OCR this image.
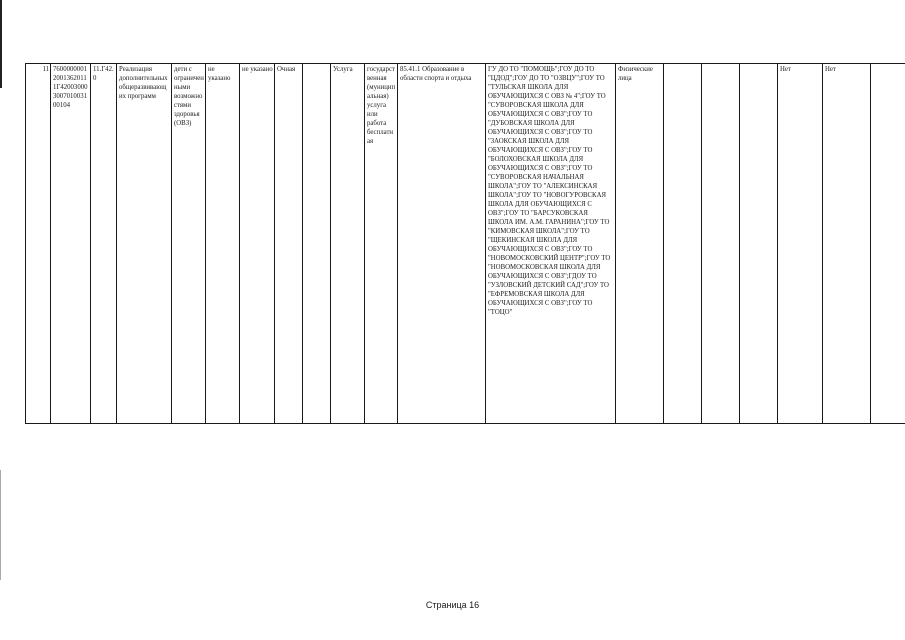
11	760000000120013620111Г42003000300701003100104	11.Г42.0	Реализация дополнительных общеразвивающих программ	дети с ограниченными возможностями здоровья (ОВЗ)	не указано	не указано	Очная		Услуга	государственная (муниципальная) услуга или работа бесплатная	85.41.1 Образование в области спорта и отдыха	ГУ ДО ТО "ПОМОЩЬ";ГОУ ДО ТО "ЦДОД";ГОУ ДО ТО "ОЗВЦУ";ГОУ ТО "ТУЛЬСКАЯ ШКОЛА ДЛЯ ОБУЧАЮЩИХСЯ С ОВЗ № 4";ГОУ ТО "СУВОРОВСКАЯ ШКОЛА ДЛЯ ОБУЧАЮЩИХСЯ С ОВЗ";ГОУ ТО "ДУБОВСКАЯ ШКОЛА ДЛЯ ОБУЧАЮЩИХСЯ С ОВЗ";ГОУ ТО "ЗАОКСКАЯ ШКОЛА ДЛЯ ОБУЧАЮЩИХСЯ С ОВЗ";ГОУ ТО "БОЛОХОВСКАЯ ШКОЛА ДЛЯ ОБУЧАЮЩИХСЯ С ОВЗ";ГОУ ТО "СУВОРОВСКАЯ НАЧАЛЬНАЯ ШКОЛА";ГОУ ТО "АЛЕКСИНСКАЯ ШКОЛА";ГОУ ТО "НОВОГУРОВСКАЯ ШКОЛА ДЛЯ ОБУЧАЮЩИХСЯ С ОВЗ";ГОУ ТО "БАРСУКОВСКАЯ ШКОЛА ИМ. А.М. ГАРАНИНА";ГОУ ТО "КИМОВСКАЯ ШКОЛА";ГОУ ТО "ЩЕКИНСКАЯ ШКОЛА ДЛЯ ОБУЧАЮЩИХСЯ С ОВЗ";ГОУ ТО "НОВОМОСКОВСКИЙ ЦЕНТР";ГОУ ТО "НОВОМОСКОВСКАЯ ШКОЛА ДЛЯ ОБУЧАЮЩИХСЯ С ОВЗ";ГДОУ ТО "УЗЛОВСКИЙ ДЕТСКИЙ САД";ГОУ ТО "ЕФРЕМОВСКАЯ ШКОЛА ДЛЯ ОБУЧАЮЩИХСЯ С ОВЗ";ГОУ ТО "ТОЦО"	Физические лица				Нет	Нет	
Страница 16
